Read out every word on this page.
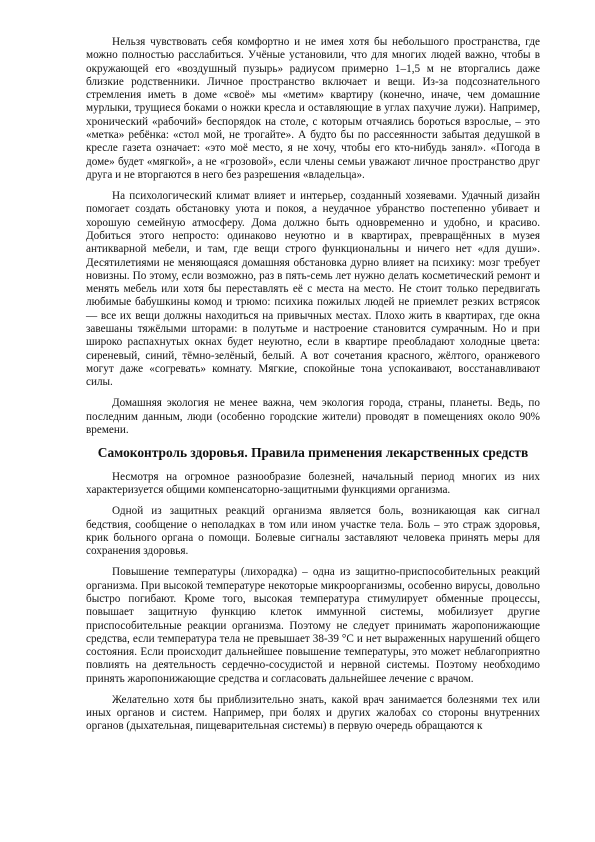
Нельзя чувствовать себя комфортно и не имея хотя бы небольшого пространства, где можно полностью расслабиться. Учёные установили, что для многих людей важно, чтобы в окружающей его «воздушный пузырь» радиусом примерно 1–1,5 м не вторгались даже близкие родственники. Личное пространство включает и вещи. Из-за подсознательного стремления иметь в доме «своё» мы «метим» квартиру (конечно, иначе, чем домашние мурлыки, трущиеся боками о ножки кресла и оставляющие в углах пахучие лужи). Например, хронический «рабочий» беспорядок на столе, с которым отчаялись бороться взрослые, – это «метка» ребёнка: «стол мой, не трогайте». А будто бы по рассеянности забытая дедушкой в кресле газета означает: «это моё место, я не хочу, чтобы его кто-нибудь занял». «Погода в доме» будет «мягкой», а не «грозовой», если члены семьи уважают личное пространство друг друга и не вторгаются в него без разрешения «владельца».

На психологический климат влияет и интерьер, созданный хозяевами. Удачный дизайн помогает создать обстановку уюта и покоя, а неудачное убранство постепенно убивает и хорошую семейную атмосферу. Дома должно быть одновременно и удобно, и красиво. Добиться этого непросто: одинаково неуютно и в квартирах, превращённых в музея антикварной мебели, и там, где вещи строго функциональны и ничего нет «для души». Десятилетиями не меняющаяся домашняя обстановка дурно влияет на психику: мозг требует новизны. По этому, если возможно, раз в пять-семь лет нужно делать косметический ремонт и менять мебель или хотя бы переставлять её с места на место. Не стоит только передвигать любимые бабушкины комод и трюмо: психика пожилых людей не приемлет резких встрясок — все их вещи должны находиться на привычных местах. Плохо жить в квартирах, где окна завешаны тяжёлыми шторами: в полутьме и настроение становится сумрачным. Но и при широко распахнутых окнах будет неуютно, если в квартире преобладают холодные цвета: сиреневый, синий, тёмно-зелёный, белый. А вот сочетания красного, жёлтого, оранжевого могут даже «согревать» комнату. Мягкие, спокойные тона успокаивают, восстанавливают силы.

Домашняя экология не менее важна, чем экология города, страны, планеты. Ведь, по последним данным, люди (особенно городские жители) проводят в помещениях около 90% времени.

Самоконтроль здоровья. Правила применения лекарственных средств

Несмотря на огромное разнообразие болезней, начальный период многих из них характеризуется общими компенсаторно-защитными функциями организма.

Одной из защитных реакций организма является боль, возникающая как сигнал бедствия, сообщение о неполадках в том или ином участке тела. Боль – это страж здоровья, крик больного органа о помощи. Болевые сигналы заставляют человека принять меры для сохранения здоровья.

Повышение температуры (лихорадка) – одна из защитно-приспособительных реакций организма. При высокой температуре некоторые микроорганизмы, особенно вирусы, довольно быстро погибают. Кроме того, высокая температура стимулирует обменные процессы, повышает защитную функцию клеток иммунной системы, мобилизует другие приспособительные реакции организма. Поэтому не следует принимать жаропонижающие средства, если температура тела не превышает 38-39 °С и нет выраженных нарушений общего состояния. Если происходит дальнейшее повышение температуры, это может неблагоприятно повлиять на деятельность сердечно-сосудистой и нервной системы. Поэтому необходимо принять жаропонижающие средства и согласовать дальнейшее лечение с врачом.

Желательно хотя бы приблизительно знать, какой врач занимается болезнями тех или иных органов и систем. Например, при болях и других жалобах со стороны внутренних органов (дыхательная, пищеварительная системы) в первую очередь обращаются к
